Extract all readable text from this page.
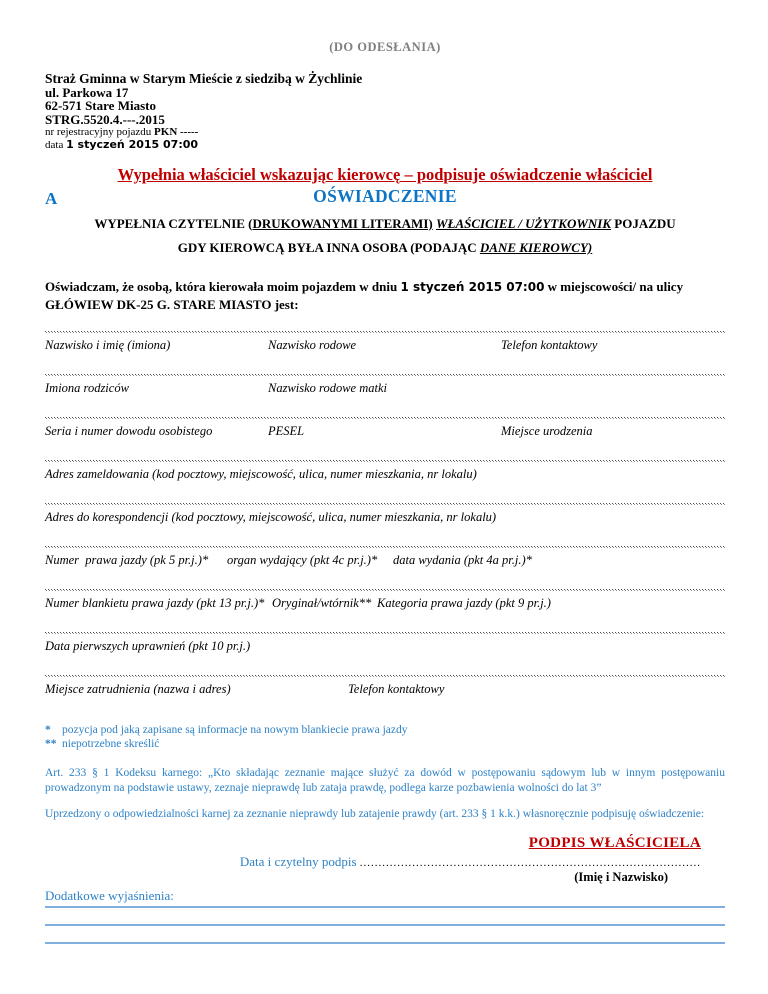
(DO ODESŁANIA)
Straż Gminna w Starym Mieście z siedzibą w Żychlinie
ul. Parkowa 17
62-571 Stare Miasto
STRG.5520.4.---.2015
nr rejestracyjny pojazdu PKN -----
data 1 styczeń 2015 07:00
Wypełnia właściciel wskazując kierowcę – podpisuje oświadczenie właściciel
A	OŚWIADCZENIE
WYPEŁNIA CZYTELNIE (DRUKOWANYMI LITERAMI) WŁAŚCICIEL / UŻYTKOWNIK POJAZDU
GDY KIEROWCĄ BYŁA INNA OSOBA (PODAJĄC DANE KIEROWCY)
Oświadczam, że osobą, która kierowała moim pojazdem w dniu 1 styczeń 2015 07:00 w miejscowości/ na ulicy GŁÓWIEW DK-25 G. STARE MIASTO jest:
Nazwisko i imię (imiona)	Nazwisko rodowe	Telefon kontaktowy
Imiona rodziców	Nazwisko rodowe matki
Seria i numer dowodu osobistego	PESEL	Miejsce urodzenia
Adres zameldowania (kod pocztowy, miejscowość, ulica, numer mieszkania, nr lokalu)
Adres do korespondencji (kod pocztowy, miejscowość, ulica, numer mieszkania, nr lokalu)
Numer  prawa jazdy (pk 5 pr.j.)* organ wydający (pkt 4c pr.j.)* data wydania (pkt 4a pr.j.)*
Numer blankietu prawa jazdy (pkt 13 pr.j.)* Oryginał/wtórnik** Kategoria prawa jazdy (pkt 9 pr.j.)
Data pierwszych uprawnień (pkt 10 pr.j.)
Miejsce zatrudnienia (nazwa i adres)	Telefon kontaktowy
* pozycja pod jaką zapisane są informacje na nowym blankiecie prawa jazdy
** niepotrzebne skreślić
Art. 233 § 1 Kodeksu karnego: „Kto składając zeznanie mające służyć za dowód w postępowaniu sądowym lub w innym postępowaniu prowadzonym na podstawie ustawy, zeznaje nieprawdę lub zataja prawdę, podlega karze pozbawienia wolności do lat 3”
Uprzedzony o odpowiedzialności karnej za zeznanie nieprawdy lub zatajenie prawdy (art. 233 § 1 k.k.) własnoręcznie podpisuję oświadczenie:
PODPIS WŁAŚCICIELA
Data i czytelny podpis ...........................................................................................
(Imię i Nazwisko)
Dodatkowe wyjaśnienia:
